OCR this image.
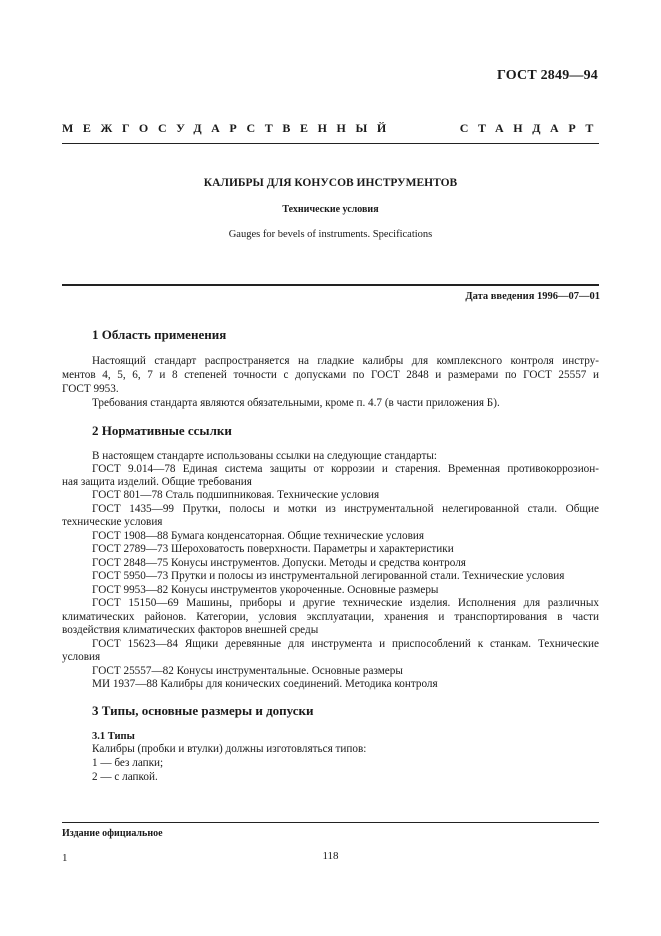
ГОСТ 2849—94
МЕЖГОСУДАРСТВЕННЫЙ	СТАНДАРТ
КАЛИБРЫ ДЛЯ КОНУСОВ ИНСТРУМЕНТОВ
Технические условия
Gauges for bevels of instruments. Specifications
Дата введения 1996—07—01
1 Область применения
Настоящий стандарт распространяется на гладкие калибры для комплексного контроля инстру-
ментов 4, 5, 6, 7 и 8 степеней точности с допусками по ГОСТ 2848 и размерами по ГОСТ 25557 и
ГОСТ 9953.
Требования стандарта являются обязательными, кроме п. 4.7 (в части приложения Б).
2 Нормативные ссылки
В настоящем стандарте использованы ссылки на следующие стандарты:
ГОСТ 9.014—78 Единая система защиты от коррозии и старения. Временная противокоррозион-
ная защита изделий. Общие требования
ГОСТ 801—78 Сталь подшипниковая. Технические условия
ГОСТ 1435—99 Прутки, полосы и мотки из инструментальной нелегированной стали. Общие
технические условия
ГОСТ 1908—88 Бумага конденсаторная. Общие технические условия
ГОСТ 2789—73 Шероховатость поверхности. Параметры и характеристики
ГОСТ 2848—75 Конусы инструментов. Допуски. Методы и средства контроля
ГОСТ 5950—73 Прутки и полосы из инструментальной легированной стали. Технические условия
ГОСТ 9953—82 Конусы инструментов укороченные. Основные размеры
ГОСТ 15150—69 Машины, приборы и другие технические изделия. Исполнения для различных
климатических районов. Категории, условия эксплуатации, хранения и транспортирования в части
воздействия климатических факторов внешней среды
ГОСТ 15623—84 Ящики деревянные для инструмента и приспособлений к станкам. Технические
условия
ГОСТ 25557—82 Конусы инструментальные. Основные размеры
МИ 1937—88 Калибры для конических соединений. Методика контроля
3 Типы, основные размеры и допуски
3.1 Типы
Калибры (пробки и втулки) должны изготовляться типов:
1 — без лапки;
2 — с лапкой.
Издание официальное
1	118
